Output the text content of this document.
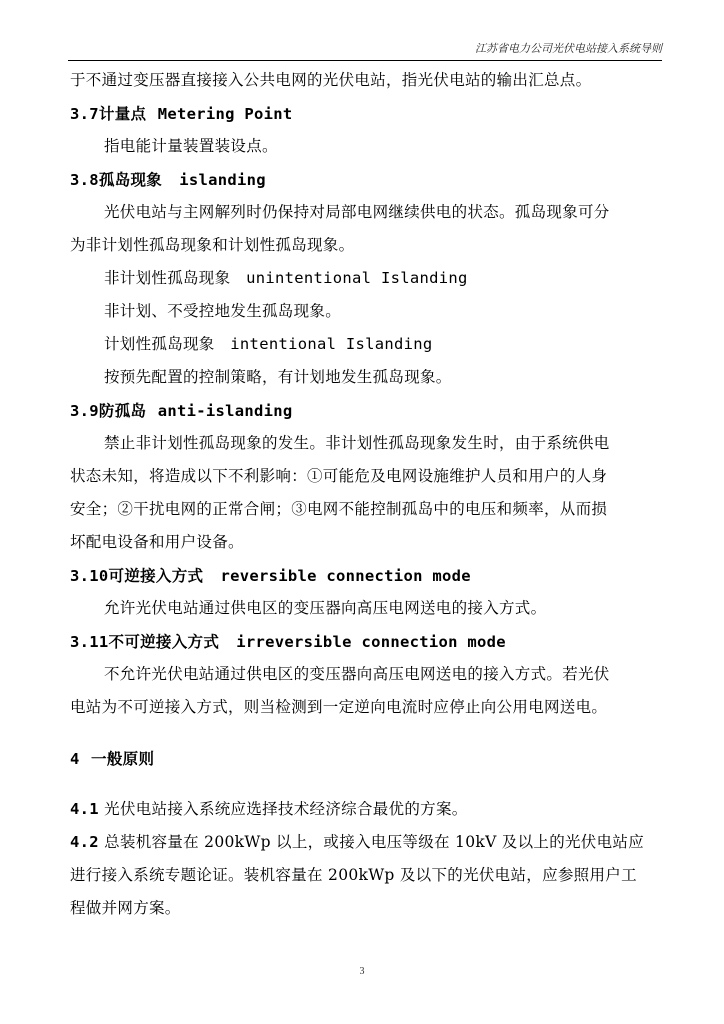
江苏省电力公司光伏电站接入系统导则
于不通过变压器直接接入公共电网的光伏电站，指光伏电站的输出汇总点。
3.7计量点 Metering Point
指电能计量装置装设点。
3.8孤岛现象 islanding
光伏电站与主网解列时仍保持对局部电网继续供电的状态。孤岛现象可分
为非计划性孤岛现象和计划性孤岛现象。
非计划性孤岛现象 unintentional Islanding
非计划、不受控地发生孤岛现象。
计划性孤岛现象 intentional Islanding
按预先配置的控制策略，有计划地发生孤岛现象。
3.9防孤岛 anti-islanding
禁止非计划性孤岛现象的发生。非计划性孤岛现象发生时，由于系统供电
状态未知，将造成以下不利影响：①可能危及电网设施维护人员和用户的人身
安全；②干扰电网的正常合闸；③电网不能控制孤岛中的电压和频率，从而损
坏配电设备和用户设备。
3.10可逆接入方式 reversible connection mode
允许光伏电站通过供电区的变压器向高压电网送电的接入方式。
3.11不可逆接入方式 irreversible connection mode
不允许光伏电站通过供电区的变压器向高压电网送电的接入方式。若光伏
电站为不可逆接入方式，则当检测到一定逆向电流时应停止向公用电网送电。
4 一般原则
4.1 光伏电站接入系统应选择技术经济综合最优的方案。
4.2 总装机容量在 200kWp 以上，或接入电压等级在 10kV 及以上的光伏电站应
进行接入系统专题论证。装机容量在 200kWp 及以下的光伏电站，应参照用户工
程做并网方案。
3
